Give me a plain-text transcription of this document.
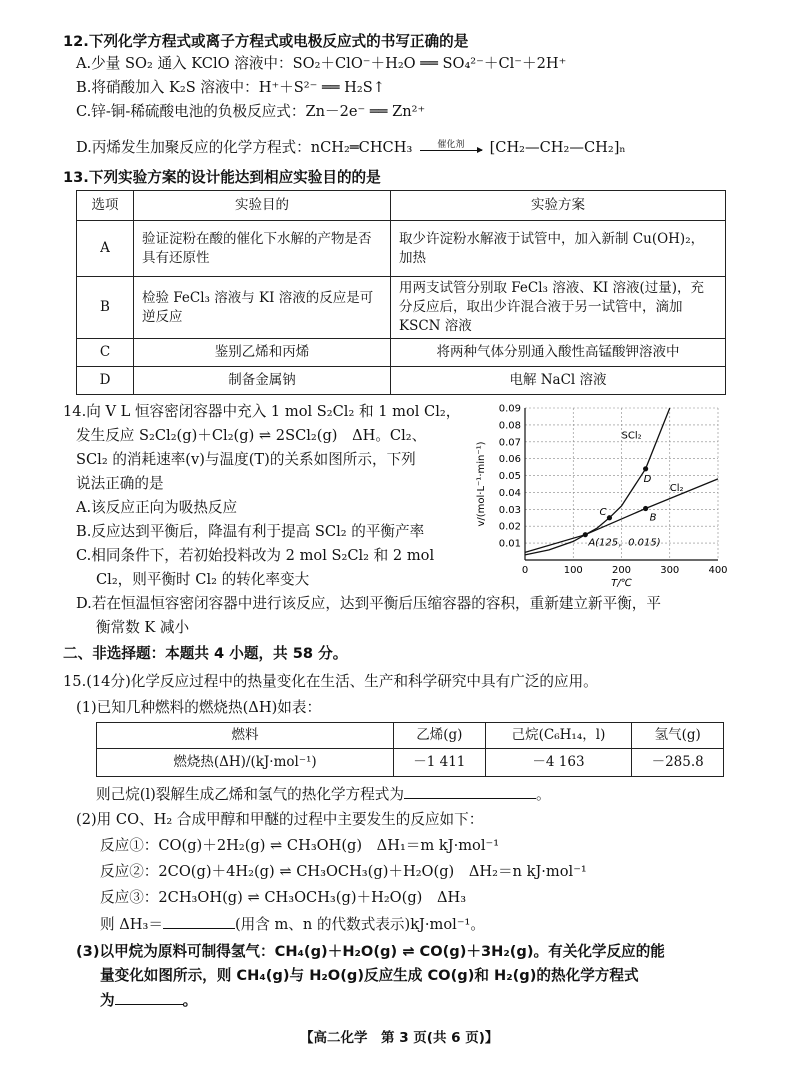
12.下列化学方程式或离子方程式或电极反应式的书写正确的是
A.少量 SO₂ 通入 KClO 溶液中：SO₂＋ClO⁻＋H₂O ══ SO₄²⁻＋Cl⁻＋2H⁺
B.将硝酸加入 K₂S 溶液中：H⁺＋S²⁻ ══ H₂S↑
C.锌-铜-稀硫酸电池的负极反应式：Zn－2e⁻ ══ Zn²⁺
D.丙烯发生加聚反应的化学方程式：nCH₂═CHCH₃	催化剂	[CH₂—CH₂—CH₂]ₙ
13.下列实验方案的设计能达到相应实验目的的是
选项	实验目的	实验方案
A	验证淀粉在酸的催化下水解的产物是否具有还原性	取少许淀粉水解液于试管中，加入新制 Cu(OH)₂，加热
B	检验 FeCl₃ 溶液与 KI 溶液的反应是可逆反应	用两支试管分别取 FeCl₃ 溶液、KI 溶液(过量)，充分反应后，取出少许混合液于另一试管中，滴加 KSCN 溶液
C	鉴别乙烯和丙烯	将两种气体分别通入酸性高锰酸钾溶液中
D	制备金属钠	电解 NaCl 溶液
14.向 V L 恒容密闭容器中充入 1 mol S₂Cl₂ 和 1 mol Cl₂，
发生反应 S₂Cl₂(g)＋Cl₂(g) ⇌ 2SCl₂(g)　ΔH。Cl₂、
SCl₂ 的消耗速率(v)与温度(T)的关系如图所示，下列
说法正确的是
A.该反应正向为吸热反应
B.反应达到平衡后，降温有利于提高 SCl₂ 的平衡产率
C.相同条件下，若初始投料改为 2 mol S₂Cl₂ 和 2 mol
Cl₂，则平衡时 Cl₂ 的转化率变大
D.若在恒温恒容密闭容器中进行该反应，达到平衡后压缩容器的容积，重新建立新平衡，平
衡常数 K 减小
0.01
0.02
0.03
0.04
0.05
0.06
0.07
0.08
0.09
0	100	200	300	400
T/℃
v/(mol·L⁻¹·min⁻¹)
SCl₂
Cl₂
A(125，0.015)
B
C
D
二、非选择题：本题共 4 小题，共 58 分。
15.(14分)化学反应过程中的热量变化在生活、生产和科学研究中具有广泛的应用。
(1)已知几种燃料的燃烧热(ΔH)如表：
燃料	乙烯(g)	己烷(C₆H₁₄，l)	氢气(g)
燃烧热(ΔH)/(kJ·mol⁻¹)	－1 411	－4 163	－285.8
则己烷(l)裂解生成乙烯和氢气的热化学方程式为	。
(2)用 CO、H₂ 合成甲醇和甲醚的过程中主要发生的反应如下：
反应①：CO(g)＋2H₂(g) ⇌ CH₃OH(g)　ΔH₁＝m kJ·mol⁻¹
反应②：2CO(g)＋4H₂(g) ⇌ CH₃OCH₃(g)＋H₂O(g)　ΔH₂＝n kJ·mol⁻¹
反应③：2CH₃OH(g) ⇌ CH₃OCH₃(g)＋H₂O(g)　ΔH₃
则 ΔH₃＝	(用含 m、n 的代数式表示)kJ·mol⁻¹。
(3)以甲烷为原料可制得氢气：CH₄(g)＋H₂O(g) ⇌ CO(g)＋3H₂(g)。有关化学反应的能
量变化如图所示，则 CH₄(g)与 H₂O(g)反应生成 CO(g)和 H₂(g)的热化学方程式
为	。
【高二化学　第 3 页(共 6 页)】
